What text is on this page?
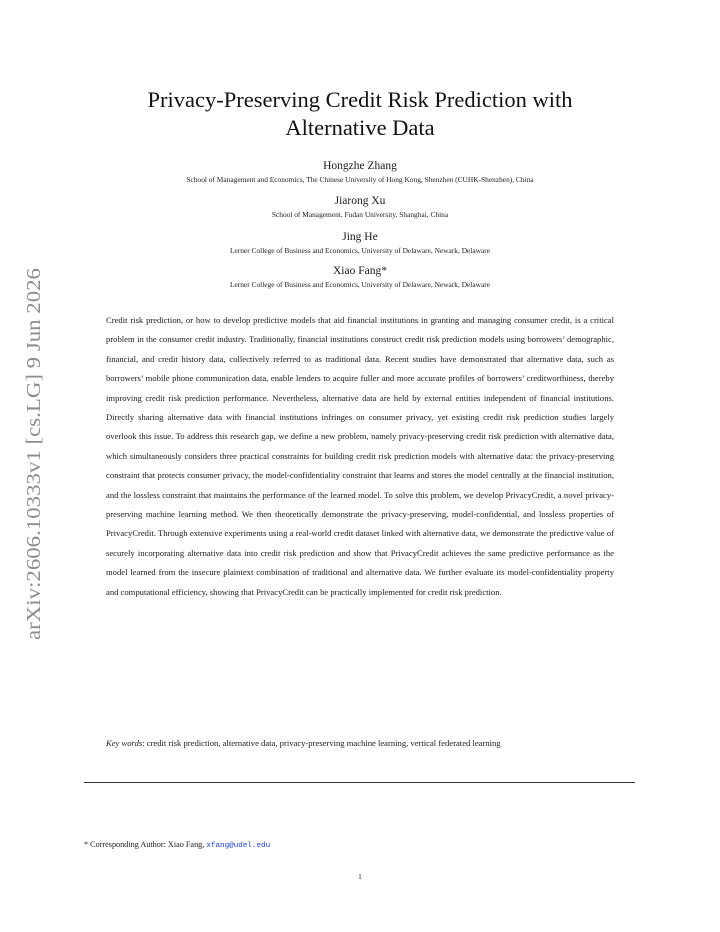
arXiv:2606.10333v1 [cs.LG] 9 Jun 2026
Privacy-Preserving Credit Risk Prediction with
Alternative Data
Hongzhe Zhang
School of Management and Economics, The Chinese University of Hong Kong, Shenzhen (CUHK-Shenzhen), China
Jiarong Xu
School of Management, Fudan University, Shanghai, China
Jing He
Lerner College of Business and Economics, University of Delaware, Newark, Delaware
Xiao Fang*
Lerner College of Business and Economics, University of Delaware, Newark, Delaware

Credit risk prediction, or how to develop predictive models that aid financial institutions in granting and managing consumer credit, is a critical problem in the consumer credit industry. Traditionally, financial institutions construct credit risk prediction models using borrowers’ demographic, financial, and credit history data, collectively referred to as traditional data. Recent studies have demonstrated that alternative data, such as borrowers’ mobile phone communication data, enable lenders to acquire fuller and more accurate profiles of borrowers’ creditworthiness, thereby improving credit risk prediction performance. Nevertheless, alternative data are held by external entities independent of financial institutions. Directly sharing alternative data with financial institutions infringes on consumer privacy, yet existing credit risk prediction studies largely overlook this issue. To address this research gap, we define a new problem, namely privacy-preserving credit risk prediction with alternative data, which simultaneously considers three practical constraints for building credit risk prediction models with alternative data: the privacy-preserving constraint that protects consumer privacy, the model-confidentiality constraint that learns and stores the model centrally at the financial institution, and the lossless constraint that maintains the performance of the learned model. To solve this problem, we develop PrivacyCredit, a novel privacy-preserving machine learning method. We then theoretically demonstrate the privacy-preserving, model-confidential, and lossless properties of PrivacyCredit. Through extensive experiments using a real-world credit dataset linked with alternative data, we demonstrate the predictive value of securely incorporating alternative data into credit risk prediction and show that PrivacyCredit achieves the same predictive performance as the model learned from the insecure plaintext combination of traditional and alternative data. We further evaluate its model-confidentiality property and computational efficiency, showing that PrivacyCredit can be practically implemented for credit risk prediction.

Key words: credit risk prediction, alternative data, privacy-preserving machine learning, vertical federated learning
* Corresponding Author: Xiao Fang, xfang@udel.edu
1
